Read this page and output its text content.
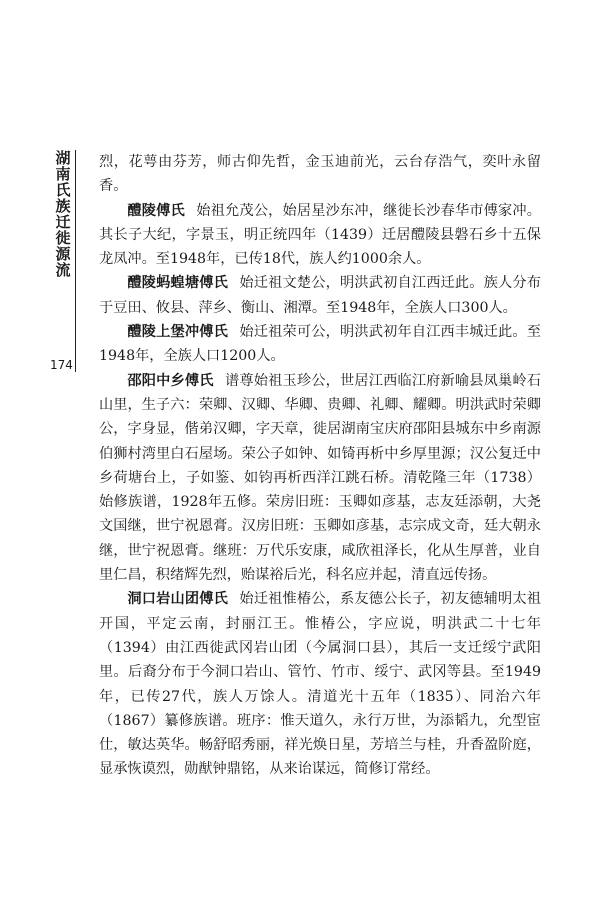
湖南氏族迁徙源流
174

烈，花萼由芬芳，师古仰先哲，金玉迪前光，云台存浩气，奕叶永留香。

醴陵傅氏 始祖允茂公，始居星沙东冲，继徙长沙春华市傅家冲。其长子大纪，字景玉，明正统四年（1439）迁居醴陵县磐石乡十五保龙凤冲。至1948年，已传18代，族人约1000余人。

醴陵蚂蝗塘傅氏 始迁祖文楚公，明洪武初自江西迁此。族人分布于豆田、攸县、萍乡、衡山、湘潭。至1948年，全族人口300人。

醴陵上堡冲傅氏 始迁祖荣可公，明洪武初年自江西丰城迁此。至1948年，全族人口1200人。

邵阳中乡傅氏 谱尊始祖玉珍公，世居江西临江府新喻县凤巢岭石山里，生子六：荣卿、汉卿、华卿、贵卿、礼卿、耀卿。明洪武时荣卿公，字身显，偕弟汉卿，字天章，徙居湖南宝庆府邵阳县城东中乡南源伯狮村湾里白石屋场。荣公子如钟、如锜再析中乡厚里源；汉公复迁中乡荷塘台上，子如鉴、如钧再析西洋江跳石桥。清乾隆三年（1738）始修族谱，1928年五修。荣房旧班：玉卿如彦基，志友廷添朝，大尧文国继，世宁祝恩膏。汉房旧班：玉卿如彦基，志宗成文奇，廷大朝永继，世宁祝恩膏。继班：万代乐安康，咸欣祖泽长，化从生厚普，业自里仁昌，积绪辉先烈，贻谋裕后光，科名应并起，清直远传扬。

洞口岩山团傅氏 始迁祖惟椿公，系友德公长子，初友德辅明太祖开国，平定云南，封丽江王。惟椿公，字应说，明洪武二十七年（1394）由江西徙武冈岩山团（今属洞口县），其后一支迁绥宁武阳里。后裔分布于今洞口岩山、管竹、竹市、绥宁、武冈等县。至1949年，已传27代，族人万馀人。清道光十五年（1835）、同治六年（1867）纂修族谱。班序：惟天道久，永行万世，为添韬九，允型宦仕，敏达英华。畅舒昭秀丽，祥光焕日星，芳培兰与桂，升香盈阶庭，显承恢谟烈，勋猷钟鼎铭，从来诒谋远，简修订常经。
